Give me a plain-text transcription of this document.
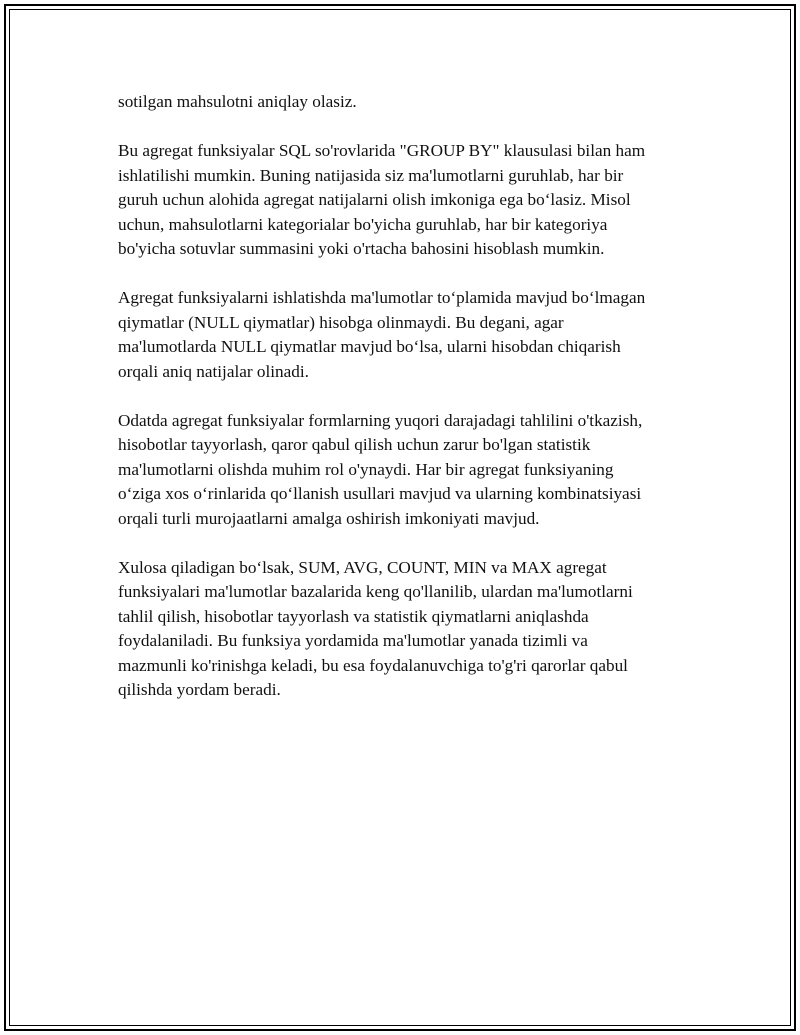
sotilgan mahsulotni aniqlay olasiz.

Bu agregat funksiyalar SQL so'rovlarida "GROUP BY" klausulasi bilan ham
ishlatilishi mumkin. Buning natijasida siz ma'lumotlarni guruhlab, har bir
guruh uchun alohida agregat natijalarni olish imkoniga ega bo‘lasiz. Misol
uchun, mahsulotlarni kategorialar bo'yicha guruhlab, har bir kategoriya
bo'yicha sotuvlar summasini yoki o'rtacha bahosini hisoblash mumkin.

Agregat funksiyalarni ishlatishda ma'lumotlar to‘plamida mavjud bo‘lmagan
qiymatlar (NULL qiymatlar) hisobga olinmaydi. Bu degani, agar
ma'lumotlarda NULL qiymatlar mavjud bo‘lsa, ularni hisobdan chiqarish
orqali aniq natijalar olinadi.

Odatda agregat funksiyalar formlarning yuqori darajadagi tahlilini o'tkazish,
hisobotlar tayyorlash, qaror qabul qilish uchun zarur bo'lgan statistik
ma'lumotlarni olishda muhim rol o'ynaydi. Har bir agregat funksiyaning
o‘ziga xos o‘rinlarida qo‘llanish usullari mavjud va ularning kombinatsiyasi
orqali turli murojaatlarni amalga oshirish imkoniyati mavjud.

Xulosa qiladigan bo‘lsak, SUM, AVG, COUNT, MIN va MAX agregat
funksiyalari ma'lumotlar bazalarida keng qo'llanilib, ulardan ma'lumotlarni
tahlil qilish, hisobotlar tayyorlash va statistik qiymatlarni aniqlashda
foydalaniladi. Bu funksiya yordamida ma'lumotlar yanada tizimli va
mazmunli ko'rinishga keladi, bu esa foydalanuvchiga to'g'ri qarorlar qabul
qilishda yordam beradi.
